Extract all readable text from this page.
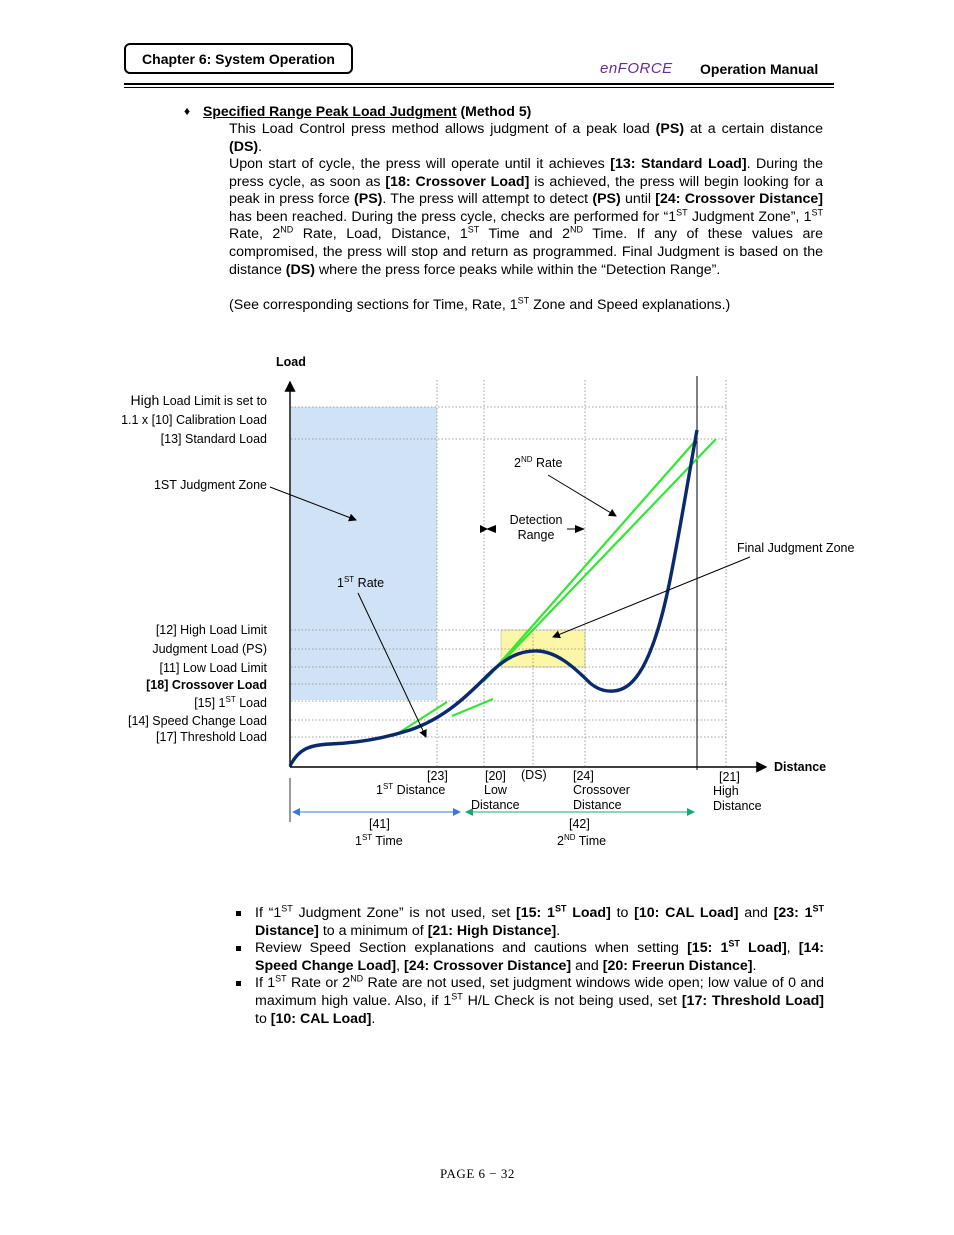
Chapter 6: System Operation
enFORCE Operation Manual
♦ Specified Range Peak Load Judgment (Method 5)
This Load Control press method allows judgment of a peak load (PS) at a certain distance (DS).
Upon start of cycle, the press will operate until it achieves [13: Standard Load]. During the press cycle, as soon as [18: Crossover Load] is achieved, the press will begin looking for a peak in press force (PS). The press will attempt to detect (PS) until [24: Crossover Distance] has been reached. During the press cycle, checks are performed for “1ST Judgment Zone”, 1ST Rate, 2ND Rate, Load, Distance, 1ST Time and 2ND Time. If any of these values are compromised, the press will stop and return as programmed. Final Judgment is based on the distance (DS) where the press force peaks while within the “Detection Range”.
(See corresponding sections for Time, Rate, 1ST Zone and Speed explanations.)
Load
Distance
High Load Limit is set to
1.1 x [10] Calibration Load
[13] Standard Load
1ST Judgment Zone
2ND Rate
Detection
Range
Final Judgment Zone
1ST Rate
[12] High Load Limit
Judgment Load (PS)
[11] Low Load Limit
[18] Crossover Load
[15] 1ST Load
[14] Speed Change Load
[17] Threshold Load
[23]
1ST Distance
[20]
Low
Distance
(DS) [24]
Crossover
Distance
[21]
High
Distance
[41]
1ST Time
[42]
2ND Time
If “1ST Judgment Zone” is not used, set [15: 1ST Load] to [10: CAL Load] and [23: 1ST Distance] to a minimum of [21: High Distance].
Review Speed Section explanations and cautions when setting [15: 1ST Load], [14: Speed Change Load], [24: Crossover Distance] and [20: Freerun Distance].
If 1ST Rate or 2ND Rate are not used, set judgment windows wide open; low value of 0 and maximum high value. Also, if 1ST H/L Check is not being used, set [17: Threshold Load] to [10: CAL Load].
PAGE 6 − 32
